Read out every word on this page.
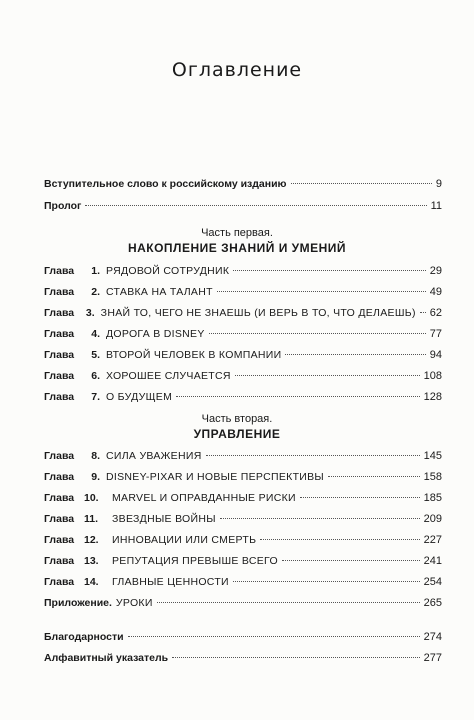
Оглавление
Вступительное слово к российскому изданию	9
Пролог	11
Часть первая.
НАКОПЛЕНИЕ ЗНАНИЙ И УМЕНИЙ
Глава	1. РЯДОВОЙ СОТРУДНИК	29
Глава	2. СТАВКА НА ТАЛАНТ	49
Глава	3. ЗНАЙ ТО, ЧЕГО НЕ ЗНАЕШЬ (И ВЕРЬ В ТО, ЧТО ДЕЛАЕШЬ) 62
Глава	4. ДОРОГА В DISNEY	77
Глава	5. ВТОРОЙ ЧЕЛОВЕК В КОМПАНИИ	94
Глава	6. ХОРОШЕЕ СЛУЧАЕТСЯ	108
Глава	7. О БУДУЩЕМ	128
Часть вторая.
УПРАВЛЕНИЕ
Глава	8. СИЛА УВАЖЕНИЯ	145
Глава	9. DISNEY-PIXAR И НОВЫЕ ПЕРСПЕКТИВЫ	158
Глава 10.	MARVEL И ОПРАВДАННЫЕ РИСКИ	185
Глава 11.	ЗВЕЗДНЫЕ ВОЙНЫ	209
Глава 12.	ИННОВАЦИИ ИЛИ СМЕРТЬ	227
Глава 13.	РЕПУТАЦИЯ ПРЕВЫШЕ ВСЕГО	241
Глава 14.	ГЛАВНЫЕ ЦЕННОСТИ	254
Приложение. УРОКИ	265
Благодарности	274
Алфавитный указатель	277
